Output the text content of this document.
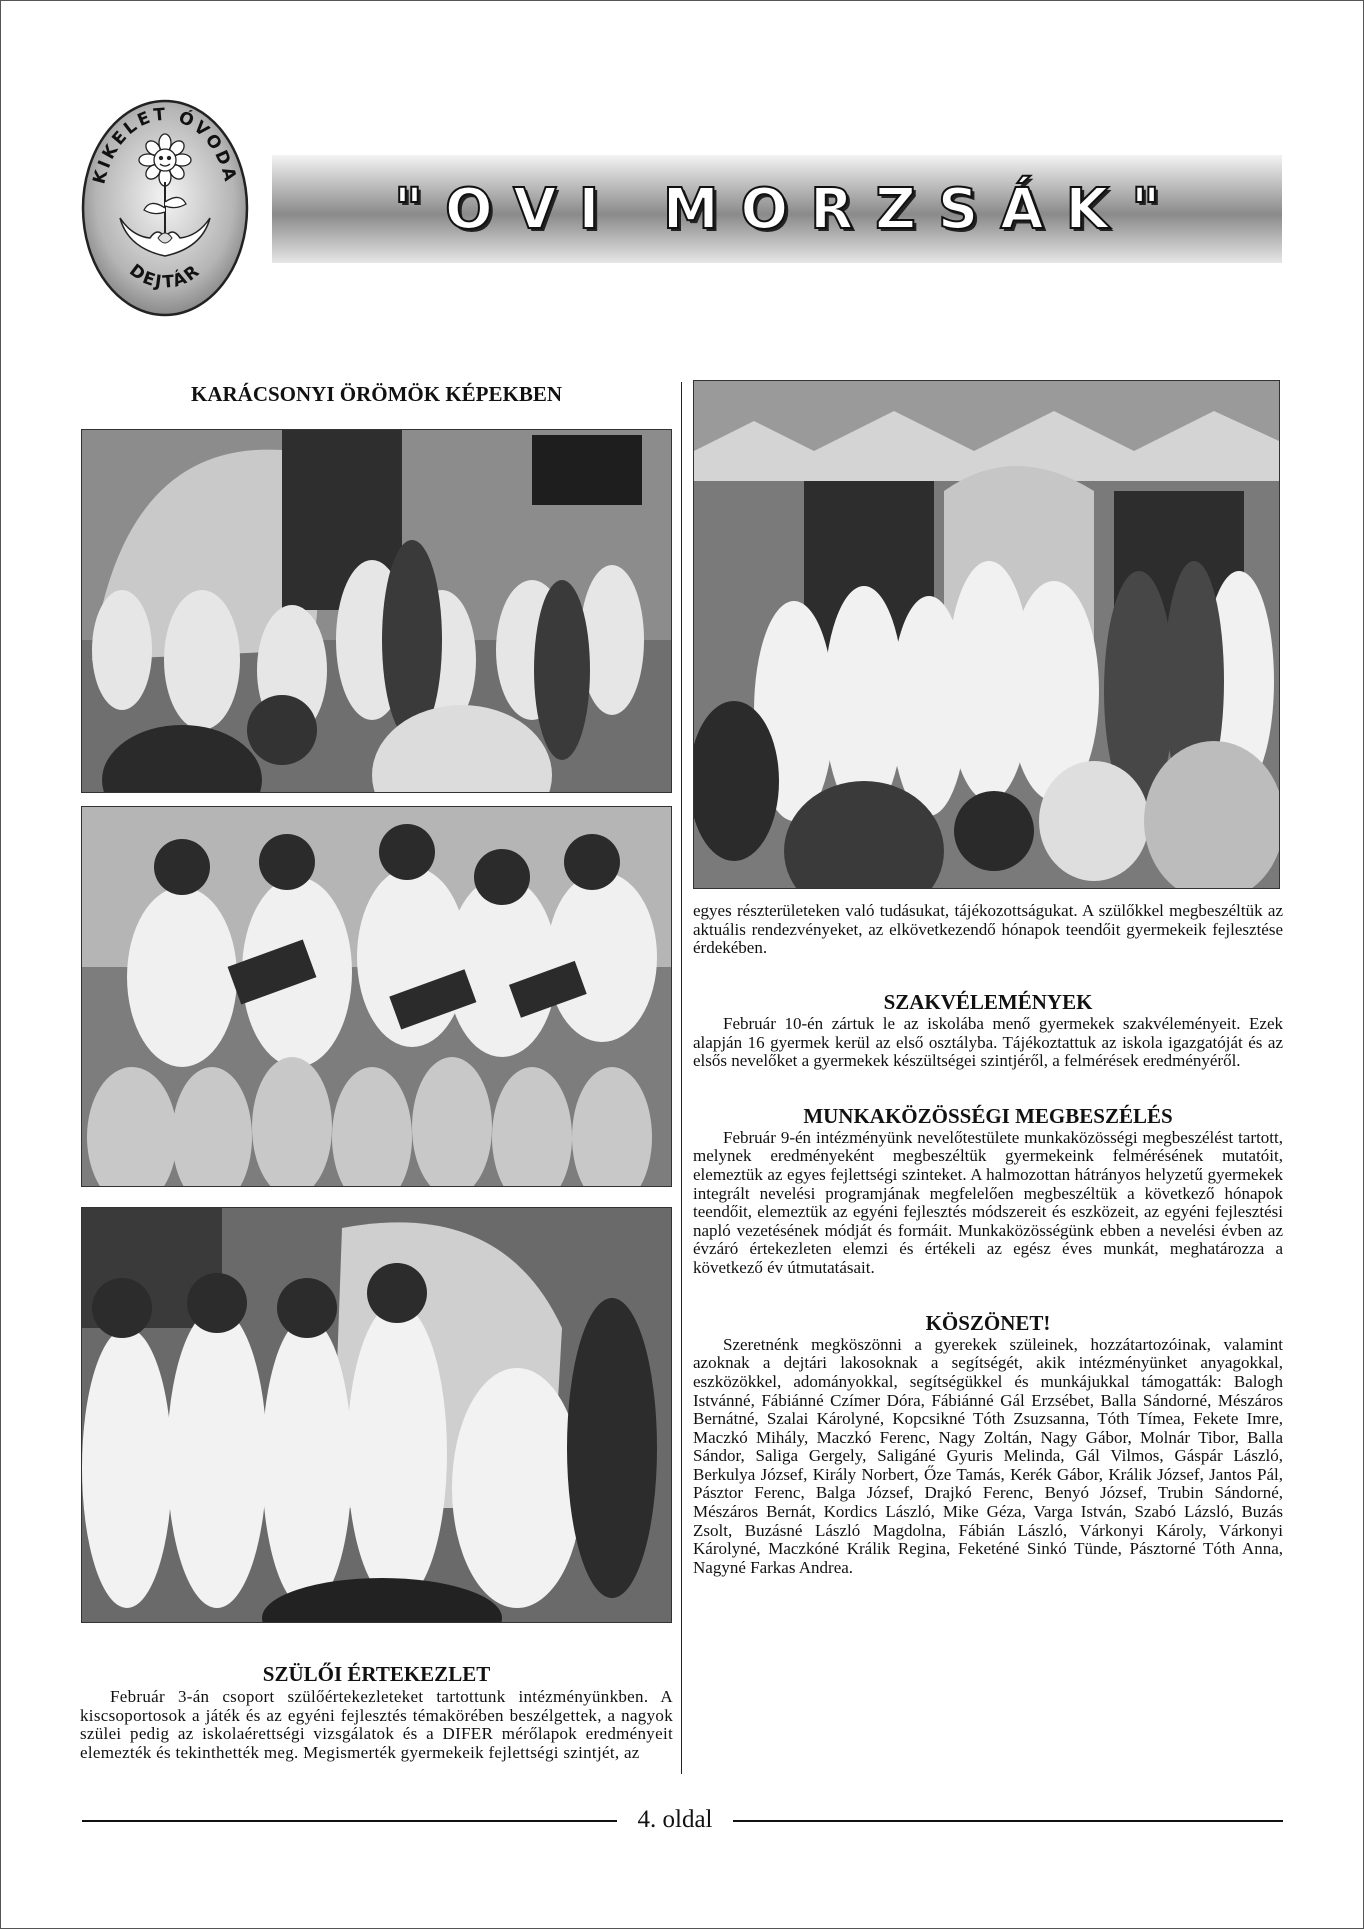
KIKELET ÓVODA
DEJTÁR
"OVI MORZSÁK"
KARÁCSONYI ÖRÖMÖK KÉPEKBEN
SZÜLŐI ÉRTEKEZLET

Február 3-án csoport szülőértekezleteket tartottunk intézményünkben. A kiscsoportosok a játék és az egyéni fejlesztés témakörében beszélgettek, a nagyok szülei pedig az iskolaérettségi vizsgálatok és a DIFER mérőlapok eredményeit elemezték és tekinthették meg. Megismerték gyermekeik fejlettségi szintjét, az

egyes részterületeken való tudásukat, tájékozottságukat. A szülőkkel megbeszéltük az aktuális rendezvényeket, az elkövetkezendő hónapok teendőit gyermekeik fejlesztése érdekében.

SZAKVÉLEMÉNYEK

Február 10-én zártuk le az iskolába menő gyermekek szakvéleményeit. Ezek alapján 16 gyermek kerül az első osztályba. Tájékoztattuk az iskola igazgatóját és az elsős nevelőket a gyermekek készültségei szintjéről, a felmérések eredményéről.

MUNKAKÖZÖSSÉGI MEGBESZÉLÉS

Február 9-én intézményünk nevelőtestülete munkaközösségi megbeszélést tartott, melynek eredményeként megbeszéltük gyermekeink felmérésének mutatóit, elemeztük az egyes fejlettségi szinteket. A halmozottan hátrányos helyzetű gyermekek integrált nevelési programjának megfelelően megbeszéltük a következő hónapok teendőit, elemeztük az egyéni fejlesztés módszereit és eszközeit, az egyéni fejlesztési napló vezetésének módját és formáit. Munkaközösségünk ebben a nevelési évben az évzáró értekezleten elemzi és értékeli az egész éves munkát, meghatározza a következő év útmutatásait.

KÖSZÖNET!

Szeretnénk megköszönni a gyerekek szüleinek, hozzátartozóinak, valamint azoknak a dejtári lakosoknak a segítségét, akik intézményünket anyagokkal, eszközökkel, adományokkal, segítségükkel és munkájukkal támogatták: Balogh Istvánné, Fábiánné Czímer Dóra, Fábiánné Gál Erzsébet, Balla Sándorné, Mészáros Bernátné, Szalai Károlyné, Kopcsikné Tóth Zsuzsanna, Tóth Tímea, Fekete Imre, Maczkó Mihály, Maczkó Ferenc, Nagy Zoltán, Nagy Gábor, Molnár Tibor, Balla Sándor, Saliga Gergely, Saligáné Gyuris Melinda, Gál Vilmos, Gáspár László, Berkulya József, Király Norbert, Őze Tamás, Kerék Gábor, Králik József, Jantos Pál, Pásztor Ferenc, Balga József, Drajkó Ferenc, Benyó József, Trubin Sándorné, Mészáros Bernát, Kordics László, Mike Géza, Varga István, Szabó Lázsló, Buzás Zsolt, Buzásné László Magdolna, Fábián László, Várkonyi Károly, Várkonyi Károlyné, Maczkóné Králik Regina, Feketéné Sinkó Tünde, Pásztorné Tóth Anna, Nagyné Farkas Andrea.

4. oldal
